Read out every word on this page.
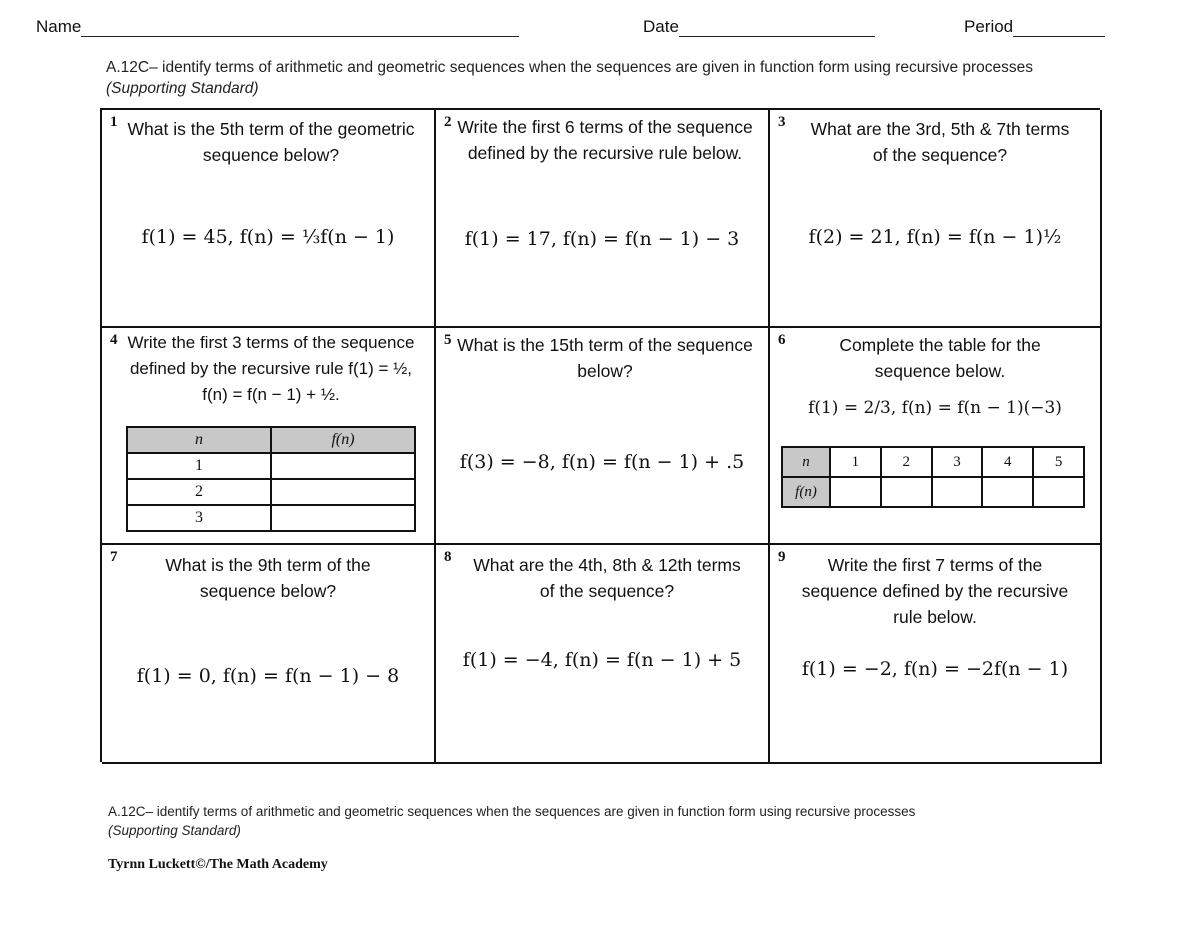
Name	Date	Period
A.12C– identify terms of arithmetic and geometric sequences when the sequences are given in function form using recursive processes (Supporting Standard)
1 What is the 5th term of the geometric sequence below?
f(1) = 45, f(n) = ⅓f(n − 1)
2 Write the first 6 terms of the sequence defined by the recursive rule below.
f(1) = 17, f(n) = f(n − 1) − 3
3 What are the 3rd, 5th & 7th terms of the sequence?
f(2) = 21, f(n) = f(n − 1)½
4 Write the first 3 terms of the sequence defined by the recursive rule f(1) = ½, f(n) = f(n − 1) + ½.
n	f(n)
1	
2	
3	
5 What is the 15th term of the sequence below?
f(3) = −8, f(n) = f(n − 1) + .5
6	Complete the table for the sequence below.
f(1) = 2/3, f(n) = f(n − 1)(−3)
n	1	2	3	4	5
f(n)					
7	What is the 9th term of the sequence below?
f(1) = 0, f(n) = f(n − 1) − 8
8	What are the 4th, 8th & 12th terms of the sequence?
f(1) = −4, f(n) = f(n − 1) + 5
9	Write the first 7 terms of the sequence defined by the recursive rule below.
f(1) = −2, f(n) = −2f(n − 1)
A.12C– identify terms of arithmetic and geometric sequences when the sequences are given in function form using recursive processes
(Supporting Standard)
Tyrnn Luckett©/The Math Academy
